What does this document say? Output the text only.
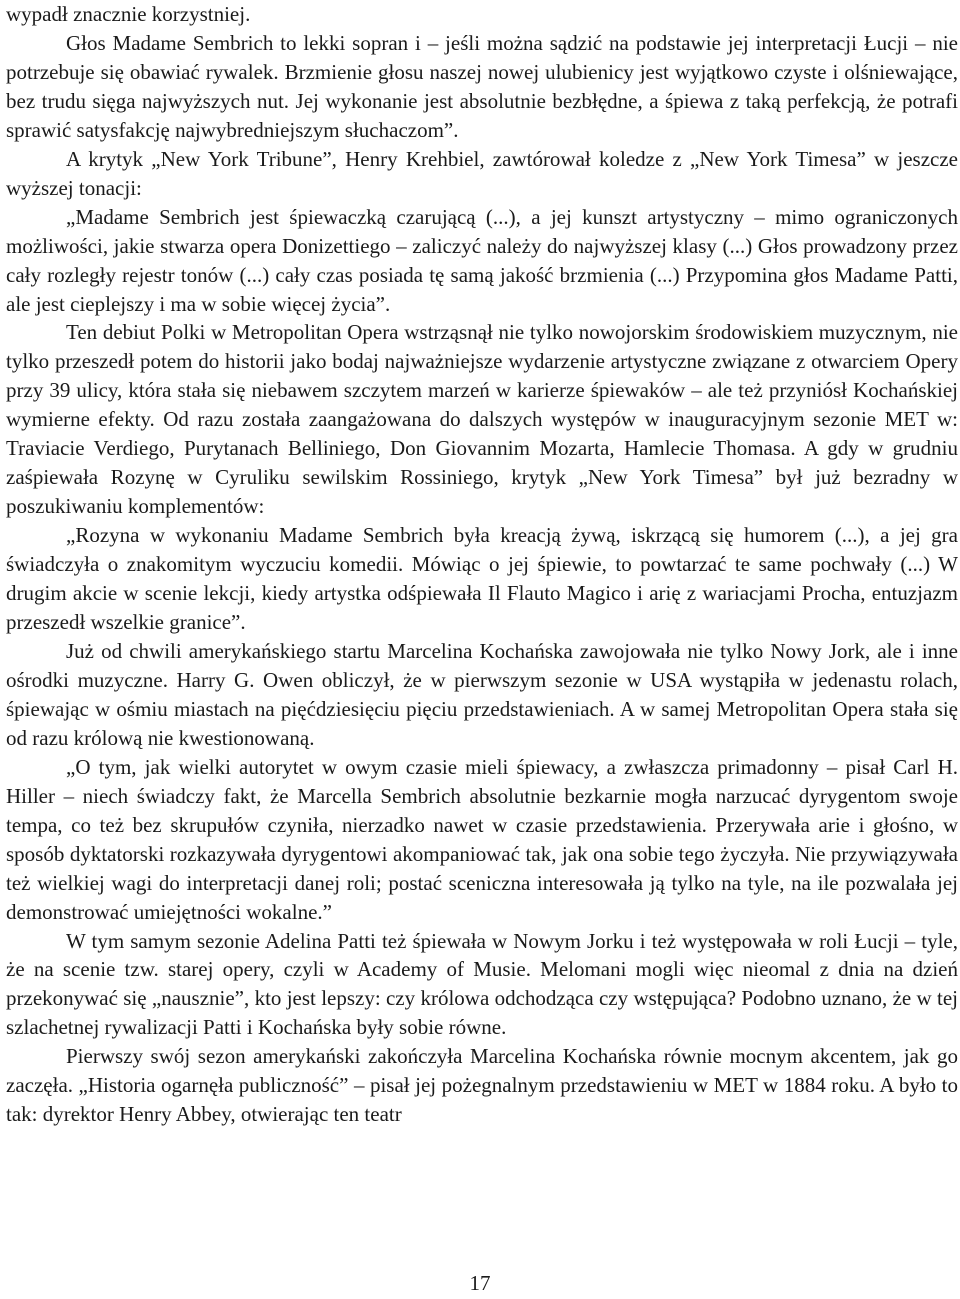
wypadł znacznie korzystniej.

Głos Madame Sembrich to lekki sopran i – jeśli można sądzić na podstawie jej interpretacji Łucji – nie potrzebuje się obawiać rywalek. Brzmienie głosu naszej nowej ulubienicy jest wyjątkowo czyste i olśniewające, bez trudu sięga najwyższych nut. Jej wykonanie jest absolutnie bezbłędne, a śpiewa z taką perfekcją, że potrafi sprawić satysfakcję najwybredniejszym słuchaczom”.

A krytyk „New York Tribune”, Henry Krehbiel, zawtórował koledze z „New York Timesa” w jeszcze wyższej tonacji:

„Madame Sembrich jest śpiewaczką czarującą (...), a jej kunszt artystyczny – mimo ograniczonych możliwości, jakie stwarza opera Donizettiego – zaliczyć należy do najwyższej klasy (...) Głos prowadzony przez cały rozległy rejestr tonów (...) cały czas posiada tę samą jakość brzmienia (...) Przypomina głos Madame Patti, ale jest cieplejszy i ma w sobie więcej życia”.

Ten debiut Polki w Metropolitan Opera wstrząsnął nie tylko nowojorskim środowiskiem muzycznym, nie tylko przeszedł potem do historii jako bodaj najważniejsze wydarzenie artystyczne związane z otwarciem Opery przy 39 ulicy, która stała się niebawem szczytem marzeń w karierze śpiewaków – ale też przyniósł Kochańskiej wymierne efekty. Od razu została zaangażowana do dalszych występów w inauguracyjnym sezonie MET w: Traviacie Verdiego, Purytanach Belliniego, Don Giovannim Mozarta, Hamlecie Thomasa. A gdy w grudniu zaśpiewała Rozynę w Cyruliku sewilskim Rossiniego, krytyk „New York Timesa” był już bezradny w poszukiwaniu komplementów:

„Rozyna w wykonaniu Madame Sembrich była kreacją żywą, iskrzącą się humorem (...), a jej gra świadczyła o znakomitym wyczuciu komedii. Mówiąc o jej śpiewie, to powtarzać te same pochwały (...) W drugim akcie w scenie lekcji, kiedy artystka odśpiewała Il Flauto Magico i arię z wariacjami Procha, entuzjazm przeszedł wszelkie granice”.

Już od chwili amerykańskiego startu Marcelina Kochańska zawojowała nie tylko Nowy Jork, ale i inne ośrodki muzyczne. Harry G. Owen obliczył, że w pierwszym sezonie w USA wystąpiła w jedenastu rolach, śpiewając w ośmiu miastach na pięćdziesięciu pięciu przedstawieniach. A w samej Metropolitan Opera stała się od razu królową nie kwestionowaną.

„O tym, jak wielki autorytet w owym czasie mieli śpiewacy, a zwłaszcza primadonny – pisał Carl H. Hiller – niech świadczy fakt, że Marcella Sembrich absolutnie bezkarnie mogła narzucać dyrygentom swoje tempa, co też bez skrupułów czyniła, nierzadko nawet w czasie przedstawienia. Przerywała arie i głośno, w sposób dyktatorski rozkazywała dyrygentowi akompaniować tak, jak ona sobie tego życzyła. Nie przywiązywała też wielkiej wagi do interpretacji danej roli; postać sceniczna interesowała ją tylko na tyle, na ile pozwalała jej demonstrować umiejętności wokalne.”

W tym samym sezonie Adelina Patti też śpiewała w Nowym Jorku i też występowała w roli Łucji – tyle, że na scenie tzw. starej opery, czyli w Academy of Musie. Melomani mogli więc nieomal z dnia na dzień przekonywać się „nausznie”, kto jest lepszy: czy królowa odchodząca czy wstępująca? Podobno uznano, że w tej szlachetnej rywalizacji Patti i Kochańska były sobie równe.

Pierwszy swój sezon amerykański zakończyła Marcelina Kochańska równie mocnym akcentem, jak go zaczęła. „Historia ogarnęła publiczność” – pisał jej pożegnalnym przedstawieniu w MET w 1884 roku. A było to tak: dyrektor Henry Abbey, otwierając ten teatr

17
